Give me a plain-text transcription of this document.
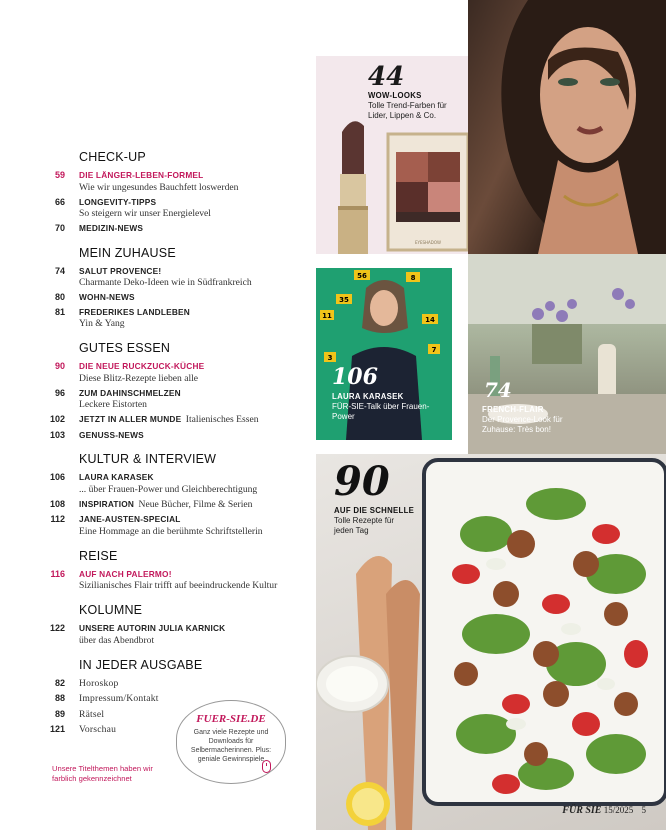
CHECK-UP
59 DIE LÄNGER-LEBEN-FORMEL
Wie wir ungesundes Bauchfett loswerden
66 LONGEVITY-TIPPS
So steigern wir unser Energielevel
70 MEDIZIN-NEWS
MEIN ZUHAUSE
74 SALUT PROVENCE!
Charmante Deko-Ideen wie in Südfrankreich
80 WOHN-NEWS
81 FREDERIKES LANDLEBEN
Yin & Yang
GUTES ESSEN
90 DIE NEUE RUCKZUCK-KÜCHE
Diese Blitz-Rezepte lieben alle
96 ZUM DAHINSCHMELZEN
Leckere Eistorten
102 JETZT IN ALLER MUNDE Italienisches Essen
103 GENUSS-NEWS
KULTUR & INTERVIEW
106 LAURA KARASEK
... über Frauen-Power und Gleichberechtigung
108 INSPIRATION Neue Bücher, Filme & Serien
112 JANE-AUSTEN-SPECIAL
Eine Hommage an die berühmte Schriftstellerin
REISE
116 AUF NACH PALERMO!
Sizilianisches Flair trifft auf beeindruckende Kultur
KOLUMNE
122 UNSERE AUTORIN JULIA KARNICK
über das Abendbrot
IN JEDER AUSGABE
82 Horoskop
88 Impressum/Kontakt
89 Rätsel
121 Vorschau
Unsere Titelthemen haben wir farblich gekennzeichnet
FUER-SIE.DE
Ganz viele Rezepte und Downloads für Selbermacherinnen. Plus: geniale Gewinnspiele
EYESHADOW
44
WOW-LOOKS
Tolle Trend-Farben für Lider, Lippen & Co.
56	8
35
11	14
7
3
106
LAURA KARASEK
FÜR-SIE-Talk über Frauen-Power
74
FRENCH-FLAIR
Der Provence-Look für Zuhause: Très bon!
90
AUF DIE SCHNELLE
Tolle Rezepte für jeden Tag
FÜR SIE 15/2025 5
